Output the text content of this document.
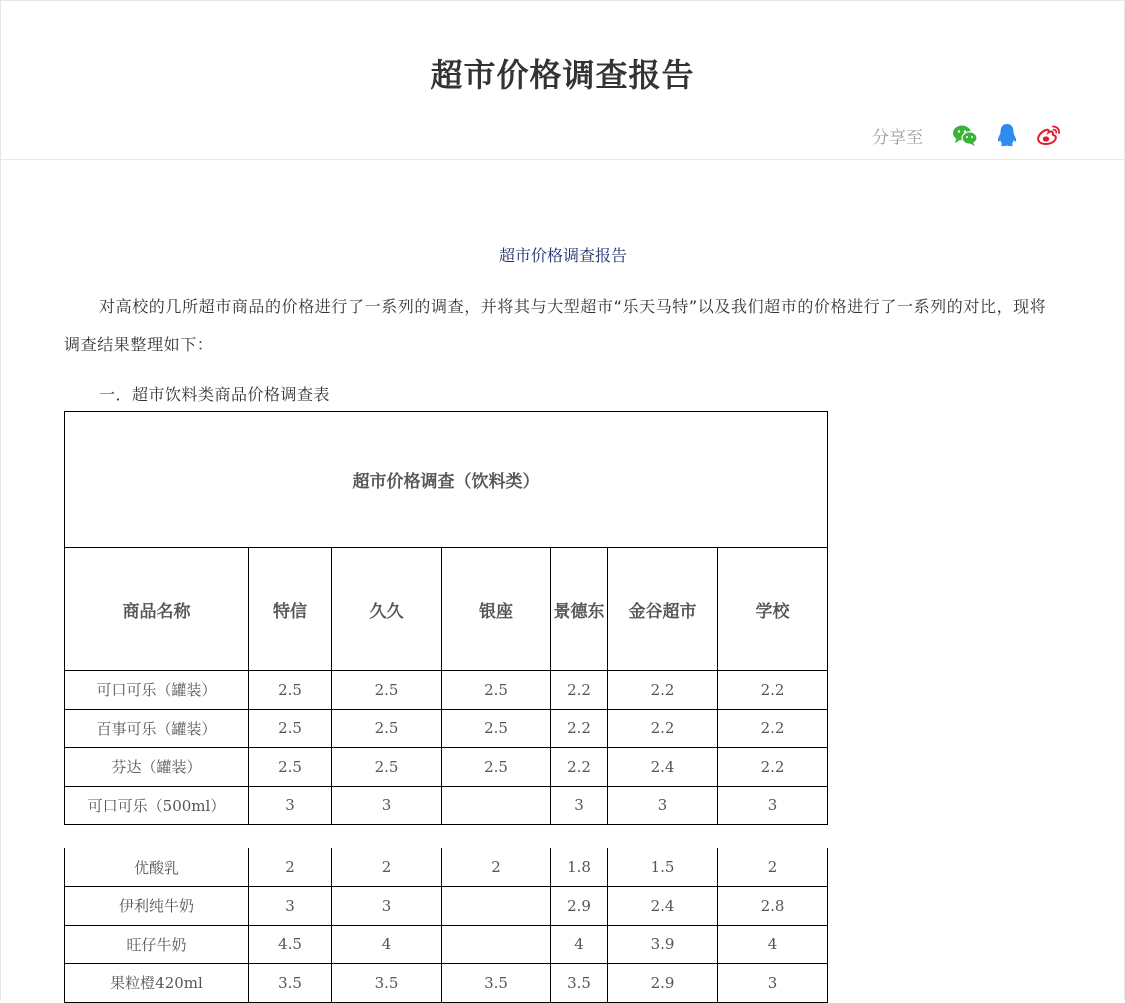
超市价格调查报告
分享至
超市价格调查报告

对高校的几所超市商品的价格进行了一系列的调查，并将其与大型超市“乐天马特”以及我们超市的价格进行了一系列的对比，现将调查结果整理如下：

一．超市饮料类商品价格调查表
超市价格调查（饮料类）						
商品名称	特信	久久	银座	景德东	金谷超市	学校
可口可乐（罐装）	2.5	2.5	2.5	2.2	2.2	2.2
百事可乐（罐装）	2.5	2.5	2.5	2.2	2.2	2.2
芬达（罐装）	2.5	2.5	2.5	2.2	2.4	2.2
可口可乐（500ml）	3	3		3	3	3
优酸乳	2	2	2	1.8	1.5	2
伊利纯牛奶	3	3		2.9	2.4	2.8
旺仔牛奶	4.5	4		4	3.9	4
果粒橙420ml	3.5	3.5	3.5	3.5	2.9	3
